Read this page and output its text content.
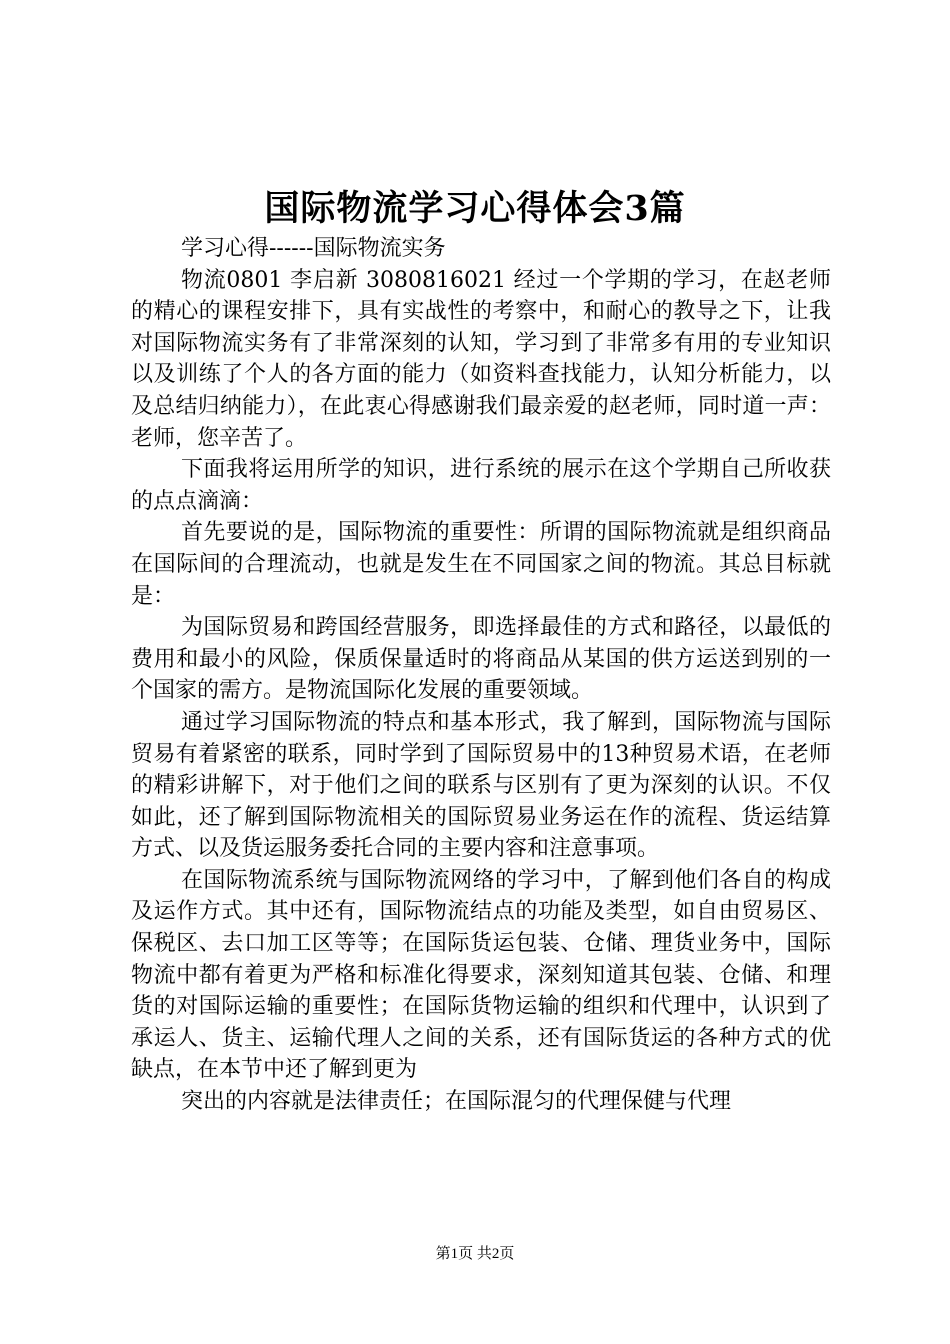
国际物流学习心得体会3篇

学习心得------国际物流实务

物流0801 李启新 3080816021 经过一个学期的学习，在赵老师的精心的课程安排下，具有实战性的考察中，和耐心的教导之下，让我对国际物流实务有了非常深刻的认知，学习到了非常多有用的专业知识以及训练了个人的各方面的能力（如资料查找能力，认知分析能力，以及总结归纳能力），在此衷心得感谢我们最亲爱的赵老师，同时道一声：老师，您辛苦了。

下面我将运用所学的知识，进行系统的展示在这个学期自己所收获的点点滴滴：

首先要说的是，国际物流的重要性：所谓的国际物流就是组织商品在国际间的合理流动，也就是发生在不同国家之间的物流。其总目标就是：

为国际贸易和跨国经营服务，即选择最佳的方式和路径，以最低的费用和最小的风险，保质保量适时的将商品从某国的供方运送到别的一个国家的需方。是物流国际化发展的重要领域。

通过学习国际物流的特点和基本形式，我了解到，国际物流与国际贸易有着紧密的联系，同时学到了国际贸易中的13种贸易术语，在老师的精彩讲解下，对于他们之间的联系与区别有了更为深刻的认识。不仅如此，还了解到国际物流相关的国际贸易业务运在作的流程、货运结算方式、以及货运服务委托合同的主要内容和注意事项。

在国际物流系统与国际物流网络的学习中，了解到他们各自的构成及运作方式。其中还有，国际物流结点的功能及类型，如自由贸易区、保税区、去口加工区等等；在国际货运包装、仓储、理货业务中，国际物流中都有着更为严格和标准化得要求，深刻知道其包装、仓储、和理货的对国际运输的重要性；在国际货物运输的组织和代理中，认识到了承运人、货主、运输代理人之间的关系，还有国际货运的各种方式的优缺点，在本节中还了解到更为

突出的内容就是法律责任；在国际混匀的代理保健与代理

第1页 共2页
